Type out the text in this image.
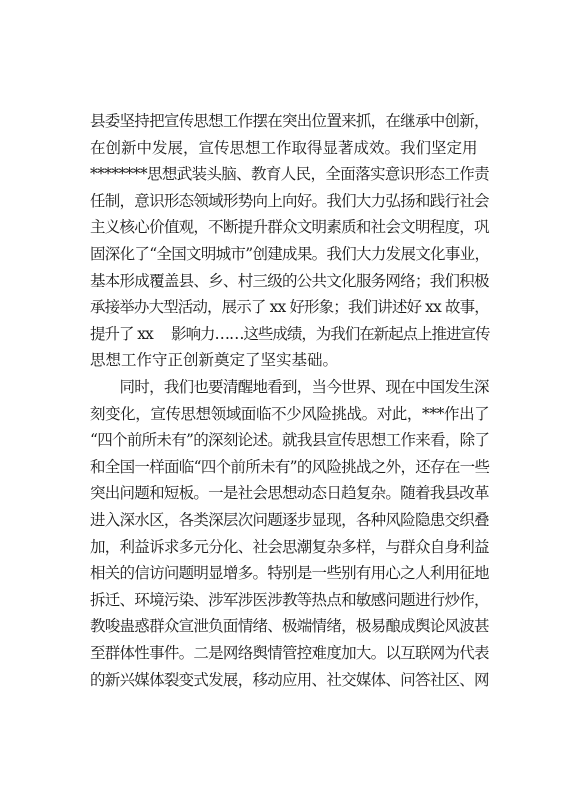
县委坚持把宣传思想工作摆在突出位置来抓，在继承中创新，
在创新中发展，宣传思想工作取得显著成效。我们坚定用
********思想武装头脑、教育人民，全面落实意识形态工作责
任制，意识形态领域形势向上向好。我们大力弘扬和践行社会
主义核心价值观，不断提升群众文明素质和社会文明程度，巩
固深化了“全国文明城市”创建成果。我们大力发展文化事业，
基本形成覆盖县、乡、村三级的公共文化服务网络；我们积极
承接举办大型活动，展示了 xx 好形象；我们讲述好 xx 故事，
提升了 xx　 影响力……这些成绩，为我们在新起点上推进宣传
思想工作守正创新奠定了坚实基础。
　　同时，我们也要清醒地看到，当今世界、现在中国发生深
刻变化，宣传思想领域面临不少风险挑战。对此，***作出了
“四个前所未有”的深刻论述。就我县宣传思想工作来看，除了
和全国一样面临“四个前所未有”的风险挑战之外，还存在一些
突出问题和短板。一是社会思想动态日趋复杂。随着我县改革
进入深水区，各类深层次问题逐步显现，各种风险隐患交织叠
加，利益诉求多元分化、社会思潮复杂多样，与群众自身利益
相关的信访问题明显增多。特别是一些别有用心之人利用征地
拆迁、环境污染、涉军涉医涉教等热点和敏感问题进行炒作，
教唆蛊惑群众宣泄负面情绪、极端情绪，极易酿成舆论风波甚
至群体性事件。二是网络舆情管控难度加大。以互联网为代表
的新兴媒体裂变式发展，移动应用、社交媒体、问答社区、网
